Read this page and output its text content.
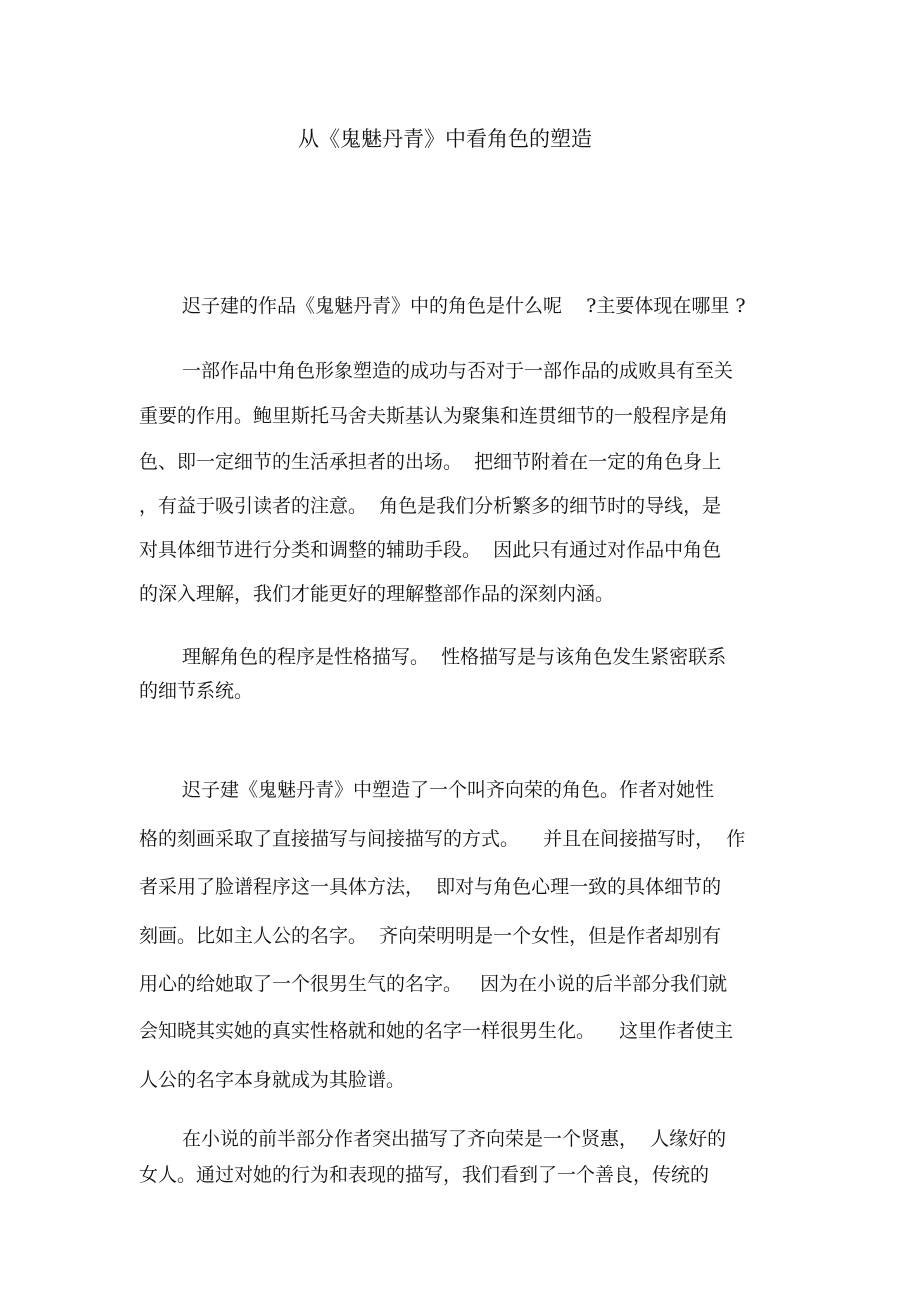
从《鬼魅丹青》中看角色的塑造
迟子建的作品《鬼魅丹青》中的角色是什么呢    ?主要体现在哪里 ?
一部作品中角色形象塑造的成功与否对于一部作品的成败具有至关
重要的作用。鲍里斯托马舍夫斯基认为聚集和连贯细节的一般程序是角
色、即一定细节的生活承担者的出场。  把细节附着在一定的角色身上
，有益于吸引读者的注意。  角色是我们分析繁多的细节时的导线，是
对具体细节进行分类和调整的辅助手段。  因此只有通过对作品中角色
的深入理解，我们才能更好的理解整部作品的深刻内涵。
理解角色的程序是性格描写。  性格描写是与该角色发生紧密联系
的细节系统。
迟子建《鬼魅丹青》中塑造了一个叫齐向荣的角色。作者对她性
格的刻画采取了直接描写与间接描写的方式。    并且在间接描写时，  作
者采用了脸谱程序这一具体方法，  即对与角色心理一致的具体细节的
刻画。比如主人公的名字。  齐向荣明明是一个女性，但是作者却别有
用心的给她取了一个很男生气的名字。   因为在小说的后半部分我们就
会知晓其实她的真实性格就和她的名字一样很男生化。    这里作者使主
人公的名字本身就成为其脸谱。
在小说的前半部分作者突出描写了齐向荣是一个贤惠，  人缘好的
女人。通过对她的行为和表现的描写，我们看到了一个善良，传统的
